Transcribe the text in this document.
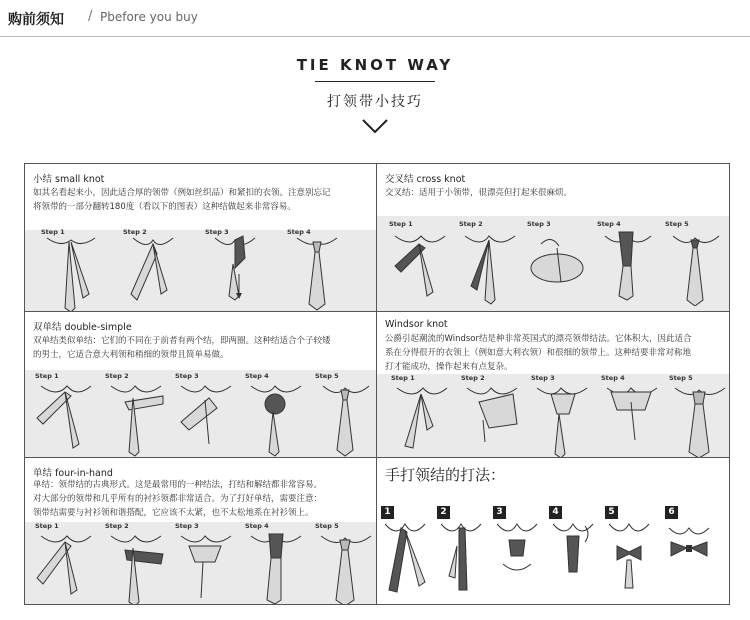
购前须知 / Pbefore you buy
TIE KNOT WAY
打领带小技巧
小结 small knot
如其名看起来小，因此适合厚的领带（例如丝织品）和紧扣的衣领。注意别忘记
将领带的一部分翻转180度（看以下的图表）这种结做起来非常容易。
Step 1	Step 2	Step 3	Step 4
交叉结 cross knot
交叉结：适用于小领带，很漂亮但打起来很麻烦。
Step 1	Step 2	Step 3	Step 4	Step 5
双单结 double-simple
双单结类似单结：它们的不同在于前者有两个结，即两圈。这种结适合个子较矮
的男士，它适合意大利领和稍细的领带且简单易做。
Step 1	Step 2	Step 3	Step 4	Step 5
Windsor knot
公爵引起潮流的Windsor结是种非常英国式的漂亮领带结法。它体积大，因此适合
系在分得很开的衣领上（例如意大利衣领）和很细的领带上。这种结要非常对称地
打才能成功，操作起来有点复杂。
Step 1	Step 2	Step 3	Step 4	Step 5
单结 four-in-hand
单结：领带结的古典形式。这是最常用的一种结法，打结和解结都非常容易。
对大部分的领带和几乎所有的衬衫领都非常适合。为了打好单结，需要注意：
领带结需要与衬衫领和谐搭配，它应该不太紧，也不太松地系在衬衫领上。
Step 1	Step 2	Step 3	Step 4	Step 5
手打领结的打法：
1	2	3	4	5	6
